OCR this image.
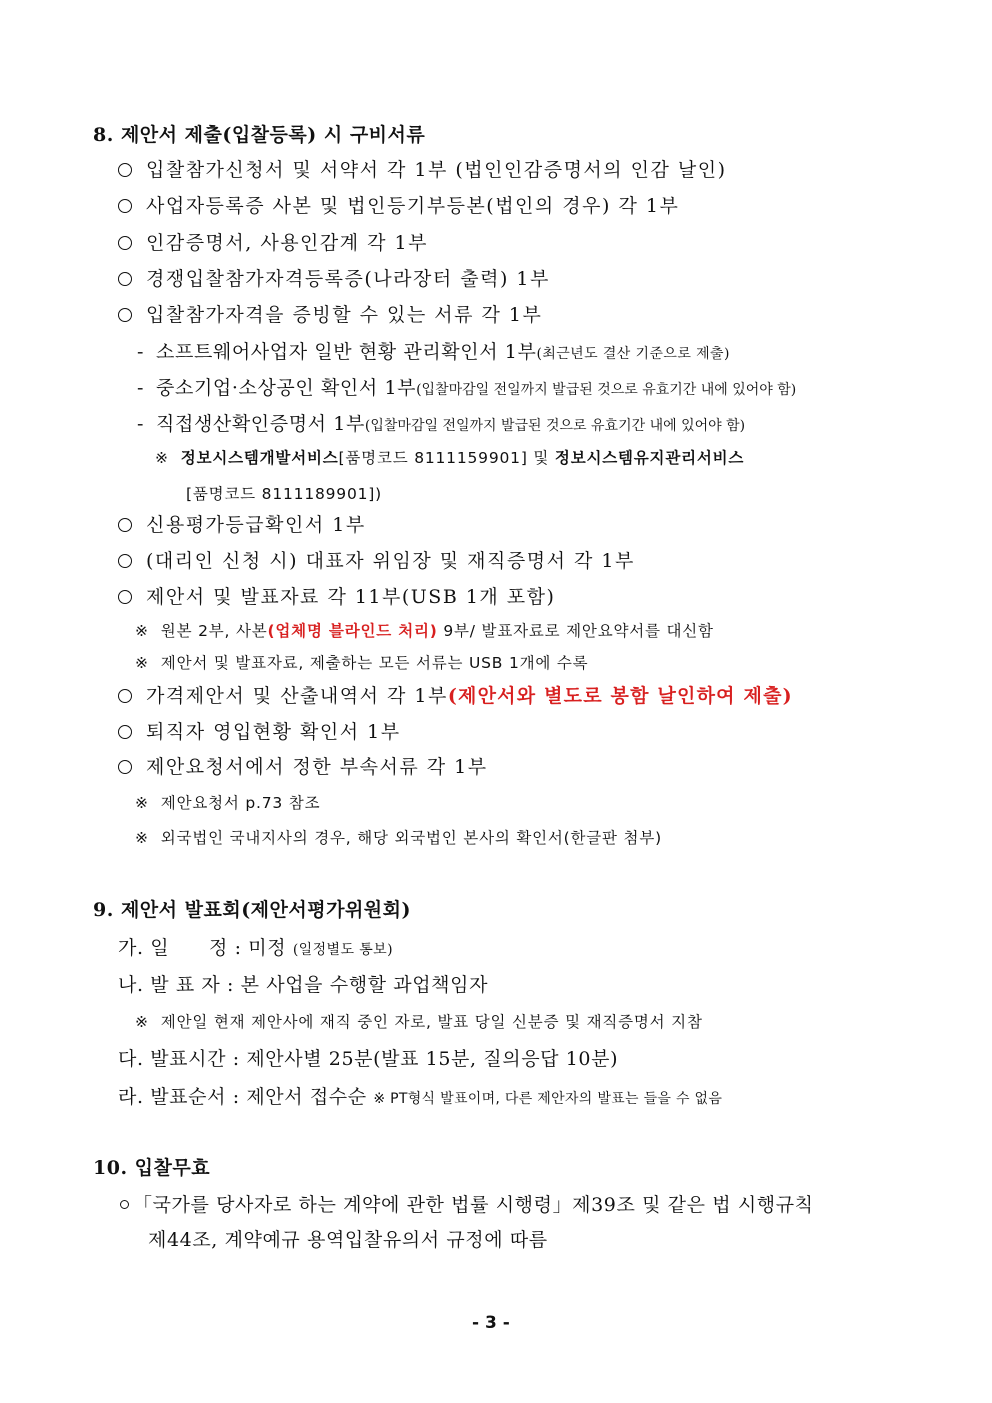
8. 제안서 제출(입찰등록) 시 구비서류
입찰참가신청서 및 서약서 각 1부 (법인인감증명서의 인감 날인)
사업자등록증 사본 및 법인등기부등본(법인의 경우) 각 1부
인감증명서, 사용인감계 각 1부
경쟁입찰참가자격등록증(나라장터 출력) 1부
입찰참가자격을 증빙할 수 있는 서류 각 1부
- 소프트웨어사업자 일반 현황 관리확인서 1부(최근년도 결산 기준으로 제출)
- 중소기업·소상공인 확인서 1부(입찰마감일 전일까지 발급된 것으로 유효기간 내에 있어야 함)
- 직접생산확인증명서 1부(입찰마감일 전일까지 발급된 것으로 유효기간 내에 있어야 함)
※ 정보시스템개발서비스[품명코드 8111159901] 및 정보시스템유지관리서비스
[품명코드 8111189901])
신용평가등급확인서 1부
(대리인 신청 시) 대표자 위임장 및 재직증명서 각 1부
제안서 및 발표자료 각 11부(USB 1개 포함)
※ 원본 2부, 사본(업체명 블라인드 처리) 9부/ 발표자료로 제안요약서를 대신함
※ 제안서 및 발표자료, 제출하는 모든 서류는 USB 1개에 수록
가격제안서 및 산출내역서 각 1부(제안서와 별도로 봉함 날인하여 제출)
퇴직자 영입현황 확인서 1부
제안요청서에서 정한 부속서류 각 1부
※ 제안요청서 p.73 참조
※ 외국법인 국내지사의 경우, 해당 외국법인 본사의 확인서(한글판 첨부)
9. 제안서 발표회(제안서평가위원회)
가. 일      정 : 미정 (일정별도 통보)
나. 발 표 자 : 본 사업을 수행할 과업책임자
※ 제안일 현재 제안사에 재직 중인 자로, 발표 당일 신분증 및 재직증명서 지참
다. 발표시간 : 제안사별 25분(발표 15분, 질의응답 10분)
라. 발표순서 : 제안서 접수순 ※ PT형식 발표이며, 다른 제안자의 발표는 들을 수 없음
10. 입찰무효
「국가를 당사자로 하는 계약에 관한 법률 시행령」제39조 및 같은 법 시행규칙
제44조, 계약예규 용역입찰유의서 규정에 따름
- 3 -
